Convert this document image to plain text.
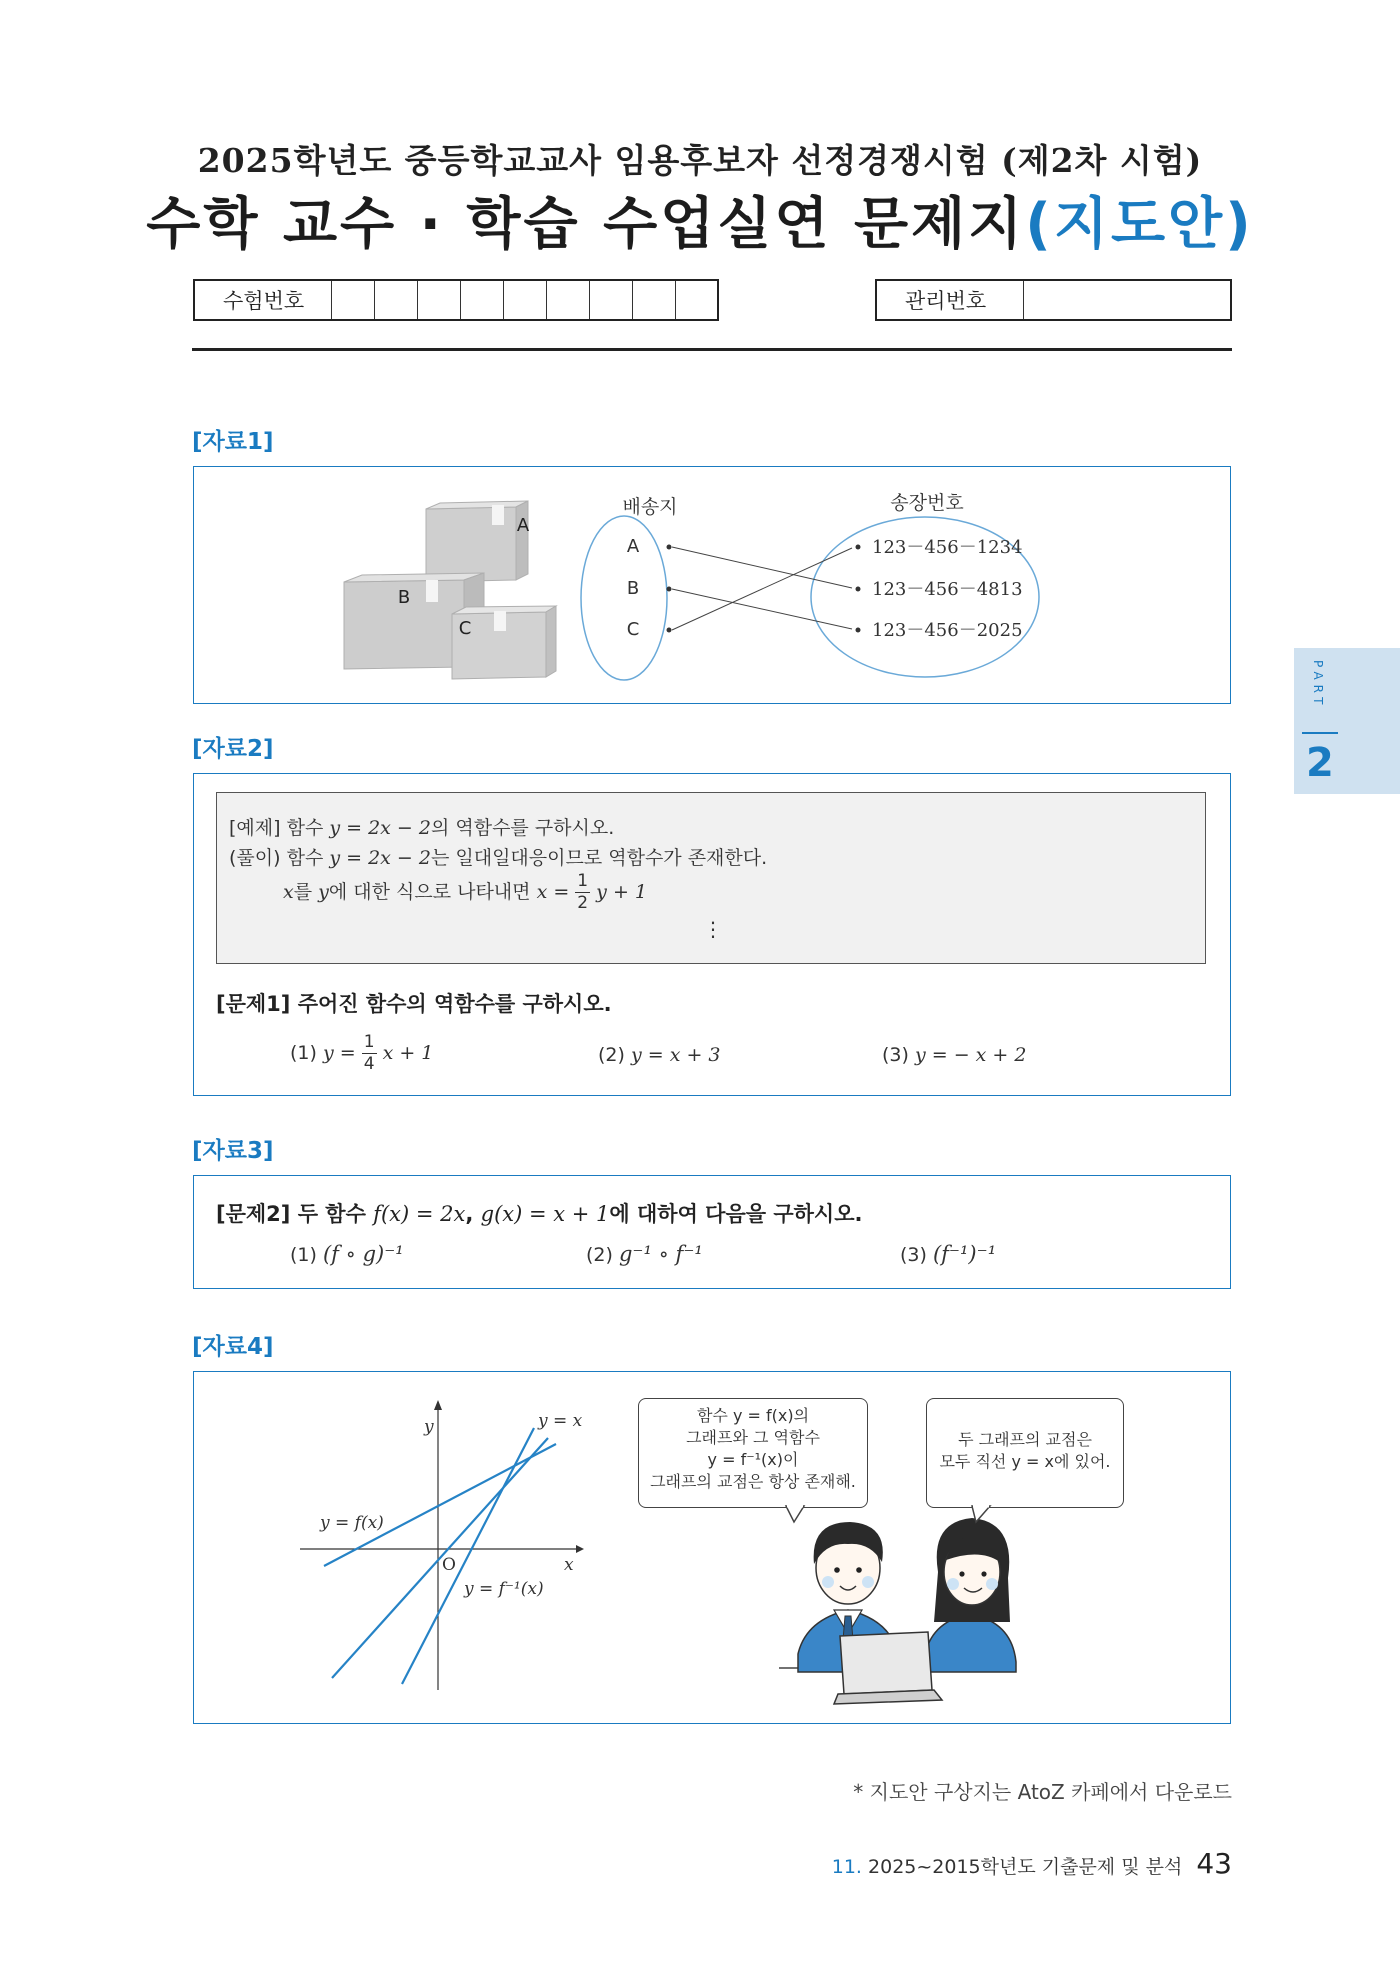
2025학년도 중등학교교사 임용후보자 선정경쟁시험 (제2차 시험)
수학 교수 · 학습 수업실연 문제지(지도안)
수험번호	관리번호
PART
2
[자료1]
A
B
C
배송지	송장번호
A
B
C
123－456－1234
123－456－4813
123－456－2025
[자료2]
[예제] 함수 y = 2x − 2의 역함수를 구하시오.
(풀이) 함수 y = 2x − 2는 일대일대응이므로 역함수가 존재한다.
x를 y에 대한 식으로 나타내면 $x = \frac{1}{2}$ y + 1
⋮
[문제1] 주어진 함수의 역함수를 구하시오.
(1) $y = \frac{1}{4}$ x + 1	(2) y = x + 3	(3) y = − x + 2
[자료3]
[문제2] 두 함수 f(x) = 2x, g(x) = x + 1에 대하여 다음을 구하시오.
(1) (f ∘ g)⁻¹	(2) g⁻¹ ∘ f⁻¹	(3) (f⁻¹)⁻¹
[자료4]
y
x
O
y = x
y = f(x)
y = f⁻¹(x)
함수 y = f(x)의
그래프와 그 역함수
y = f⁻¹(x)이
그래프의 교점은 항상 존재해.
두 그래프의 교점은
모두 직선 y = x에 있어.
* 지도안 구상지는 AtoZ 카페에서 다운로드
11. 2025~2015학년도 기출문제 및 분석 43
